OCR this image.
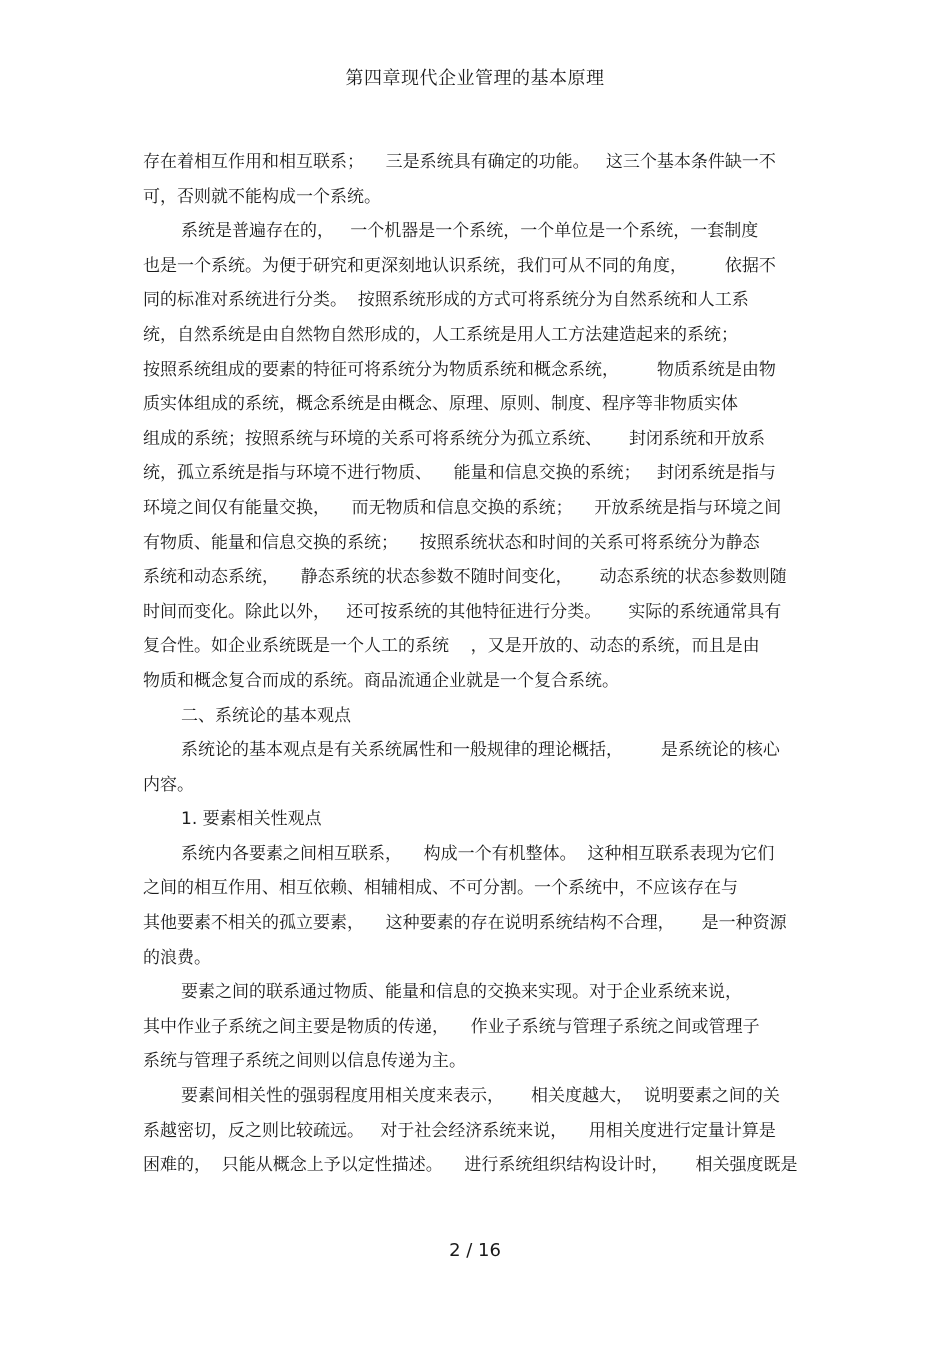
第四章现代企业管理的基本原理
存在着相互作用和相互联系；    三是系统具有确定的功能。   这三个基本条件缺一不
可，否则就不能构成一个系统。
系统是普遍存在的，   一个机器是一个系统，一个单位是一个系统，一套制度
也是一个系统。为便于研究和更深刻地认识系统，我们可从不同的角度，       依据不
同的标准对系统进行分类。  按照系统形成的方式可将系统分为自然系统和人工系
统，自然系统是由自然物自然形成的，人工系统是用人工方法建造起来的系统；
按照系统组成的要素的特征可将系统分为物质系统和概念系统，       物质系统是由物
质实体组成的系统，概念系统是由概念、原理、原则、制度、程序等非物质实体
组成的系统；按照系统与环境的关系可将系统分为孤立系统、     封闭系统和开放系
统，孤立系统是指与环境不进行物质、    能量和信息交换的系统；   封闭系统是指与
环境之间仅有能量交换，    而无物质和信息交换的系统；    开放系统是指与环境之间
有物质、能量和信息交换的系统；    按照系统状态和时间的关系可将系统分为静态
系统和动态系统，    静态系统的状态参数不随时间变化，     动态系统的状态参数则随
时间而变化。除此以外，   还可按系统的其他特征进行分类。     实际的系统通常具有
复合性。如企业系统既是一个人工的系统    ，又是开放的、动态的系统，而且是由
物质和概念复合而成的系统。商品流通企业就是一个复合系统。
二、系统论的基本观点
系统论的基本观点是有关系统属性和一般规律的理论概括，       是系统论的核心
内容。
1. 要素相关性观点
系统内各要素之间相互联系，    构成一个有机整体。  这种相互联系表现为它们
之间的相互作用、相互依赖、相辅相成、不可分割。一个系统中，不应该存在与
其他要素不相关的孤立要素，    这种要素的存在说明系统结构不合理，     是一种资源
的浪费。
要素之间的联系通过物质、能量和信息的交换来实现。对于企业系统来说，
其中作业子系统之间主要是物质的传递，    作业子系统与管理子系统之间或管理子
系统与管理子系统之间则以信息传递为主。
要素间相关性的强弱程度用相关度来表示，     相关度越大，  说明要素之间的关
系越密切，反之则比较疏远。   对于社会经济系统来说，    用相关度进行定量计算是
困难的，  只能从概念上予以定性描述。    进行系统组织结构设计时，     相关强度既是
2 / 16
